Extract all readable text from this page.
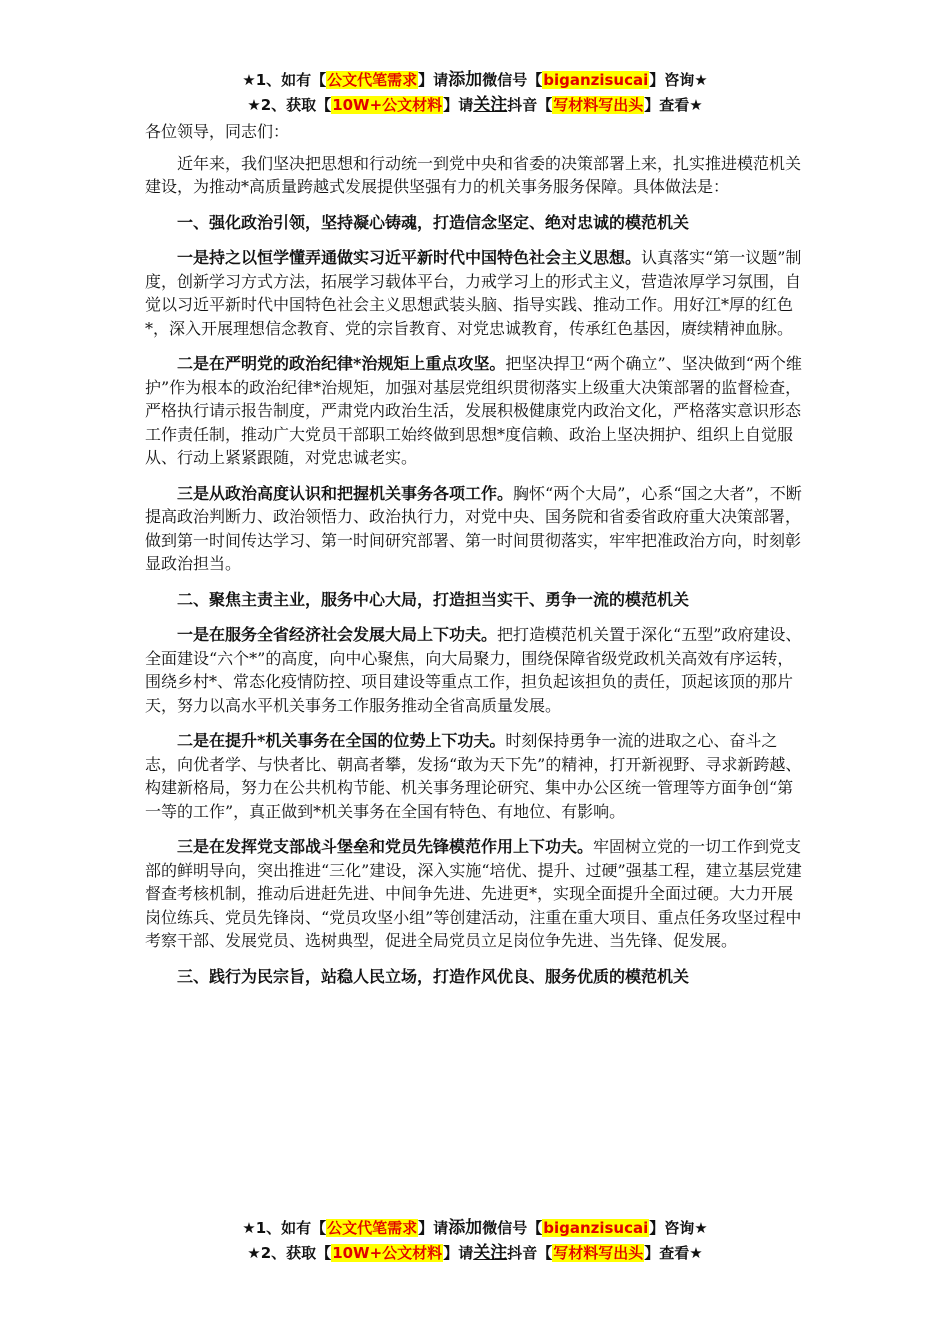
★1、如有【公文代笔需求】请添加微信号【biganzisucai】咨询★
★2、获取【10W+公文材料】请关注抖音【写材料写出头】查看★

各位领导，同志们：

近年来，我们坚决把思想和行动统一到党中央和省委的决策部署上来，扎实推进模范机关建设，为推动*高质量跨越式发展提供坚强有力的机关事务服务保障。具体做法是：

一、强化政治引领，坚持凝心铸魂，打造信念坚定、绝对忠诚的模范机关

一是持之以恒学懂弄通做实习近平新时代中国特色社会主义思想。认真落实“第一议题”制度，创新学习方式方法，拓展学习载体平台，力戒学习上的形式主义，营造浓厚学习氛围，自觉以习近平新时代中国特色社会主义思想武装头脑、指导实践、推动工作。用好江*厚的红色*，深入开展理想信念教育、党的宗旨教育、对党忠诚教育，传承红色基因，赓续精神血脉。

二是在严明党的政治纪律*治规矩上重点攻坚。把坚决捍卫“两个确立”、坚决做到“两个维护”作为根本的政治纪律*治规矩，加强对基层党组织贯彻落实上级重大决策部署的监督检查，严格执行请示报告制度，严肃党内政治生活，发展积极健康党内政治文化，严格落实意识形态工作责任制，推动广大党员干部职工始终做到思想*度信赖、政治上坚决拥护、组织上自觉服从、行动上紧紧跟随，对党忠诚老实。

三是从政治高度认识和把握机关事务各项工作。胸怀“两个大局”，心系“国之大者”，不断提高政治判断力、政治领悟力、政治执行力，对党中央、国务院和省委省政府重大决策部署，做到第一时间传达学习、第一时间研究部署、第一时间贯彻落实，牢牢把准政治方向，时刻彰显政治担当。

二、聚焦主责主业，服务中心大局，打造担当实干、勇争一流的模范机关

一是在服务全省经济社会发展大局上下功夫。把打造模范机关置于深化“五型”政府建设、全面建设“六个*”的高度，向中心聚焦，向大局聚力，围绕保障省级党政机关高效有序运转，围绕乡村*、常态化疫情防控、项目建设等重点工作，担负起该担负的责任，顶起该顶的那片天，努力以高水平机关事务工作服务推动全省高质量发展。

二是在提升*机关事务在全国的位势上下功夫。时刻保持勇争一流的进取之心、奋斗之志，向优者学、与快者比、朝高者攀，发扬“敢为天下先”的精神，打开新视野、寻求新跨越、构建新格局，努力在公共机构节能、机关事务理论研究、集中办公区统一管理等方面争创“第一等的工作”，真正做到*机关事务在全国有特色、有地位、有影响。

三是在发挥党支部战斗堡垒和党员先锋模范作用上下功夫。牢固树立党的一切工作到党支部的鲜明导向，突出推进“三化”建设，深入实施“培优、提升、过硬”强基工程，建立基层党建督查考核机制，推动后进赶先进、中间争先进、先进更*，实现全面提升全面过硬。大力开展岗位练兵、党员先锋岗、“党员攻坚小组”等创建活动，注重在重大项目、重点任务攻坚过程中考察干部、发展党员、选树典型，促进全局党员立足岗位争先进、当先锋、促发展。

三、践行为民宗旨，站稳人民立场，打造作风优良、服务优质的模范机关

★1、如有【公文代笔需求】请添加微信号【biganzisucai】咨询★
★2、获取【10W+公文材料】请关注抖音【写材料写出头】查看★
